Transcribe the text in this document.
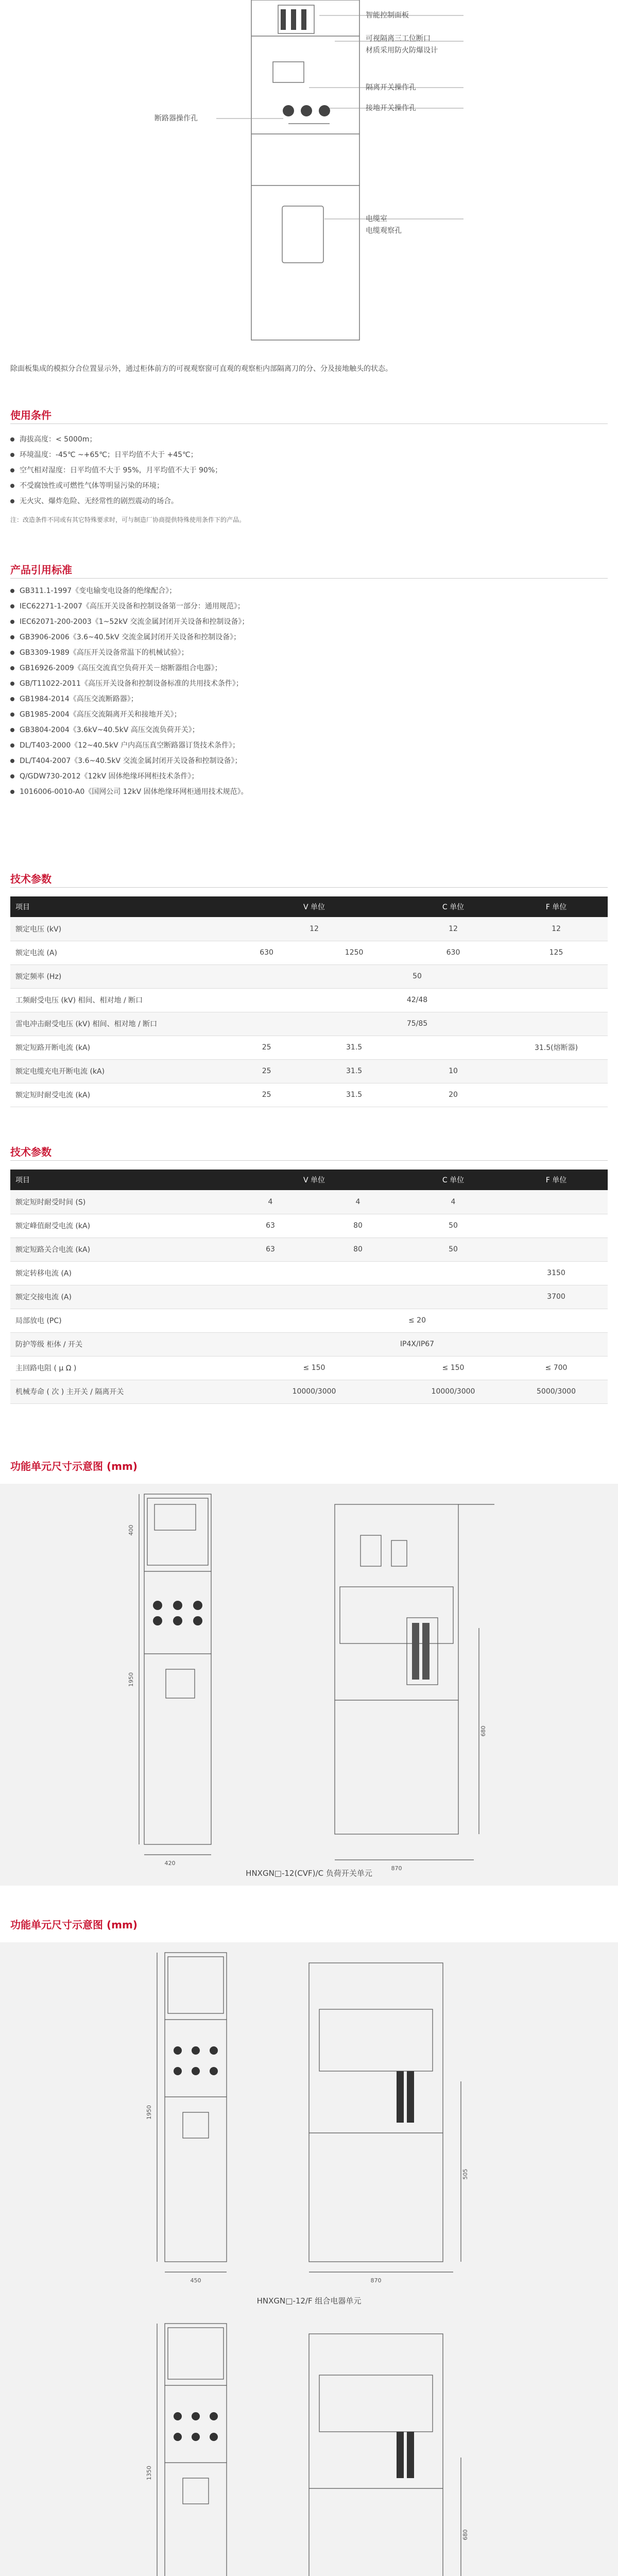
智能控制面板
可视隔离三工位断口
材质采用防火防爆设计
隔离开关操作孔
接地开关操作孔
断路器操作孔
电缆室
电缆观察孔
除面板集成的模拟分合位置显示外，通过柜体前方的可视观察窗可直观的观察柜内部隔离刀的分、分及接地触头的状态。
使用条件
海拔高度：< 5000m；
环境温度：-45℃ ~+65℃；日平均值不大于 +45℃；
空气相对湿度：日平均值不大于 95%，月平均值不大于 90%；
不受腐蚀性或可燃性气体等明显污染的环境；
无火灾、爆炸危险、无经常性的剧烈震动的场合。
注：改造条件不同或有其它特殊要求时，可与制造厂协商提供特殊使用条件下的产品。
产品引用标准
GB311.1-1997《变电输变电设备的绝缘配合》；
IEC62271-1-2007《高压开关设备和控制设备第一部分：通用规范》；
IEC62071-200-2003《1~52kV 交流金属封闭开关设备和控制设备》；
GB3906-2006《3.6~40.5kV 交流金属封闭开关设备和控制设备》；
GB3309-1989《高压开关设备常温下的机械试验》；
GB16926-2009《高压交流真空负荷开关－熔断器组合电器》；
GB/T11022-2011《高压开关设备和控制设备标准的共用技术条件》；
GB1984-2014《高压交流断路器》；
GB1985-2004《高压交流隔离开关和接地开关》；
GB3804-2004《3.6kV~40.5kV 高压交流负荷开关》；
DL/T403-2000《12~40.5kV 户内高压真空断路器订货技术条件》；
DL/T404-2007《3.6~40.5kV 交流金属封闭开关设备和控制设备》；
Q/GDW730-2012《12kV 固体绝缘环网柜技术条件》；
1016006-0010-A0《国网公司 12kV 固体绝缘环网柜通用技术规范》。
技术参数
项目	V 单位		C 单位	F 单位
额定电压 (kV)	12		12	12
额定电流 (A)	630	1250	630	125
额定频率 (Hz)	50			
工频耐受电压 (kV) 相间、相对地 / 断口	42/48			
雷电冲击耐受电压 (kV) 相间、相对地 / 断口	75/85			
额定短路开断电流 (kA)	25	31.5		31.5(熔断器)
额定电缆充电开断电流 (kA)	25	31.5	10	
额定短时耐受电流 (kA)	25	31.5	20	
技术参数
项目	V 单位		C 单位	F 单位
额定短时耐受时间 (S)	4	4	4	
额定峰值耐受电流 (kA)	63	80	50	
额定短路关合电流 (kA)	63	80	50	
额定转移电流 (A)				3150
额定交接电流 (A)				3700
局部放电 (PC)	≤ 20			
防护等级 柜体 / 开关	IP4X/IP67			
主回路电阻 ( μ Ω )	≤ 150		≤ 150	≤ 700
机械寿命 ( 次 ) 主开关 / 隔离开关	10000/3000		10000/3000	5000/3000
功能单元尺寸示意图 (mm)
420
1950
400
870
680
HNXGN□-12(CVF)/C 负荷开关单元
功能单元尺寸示意图 (mm)
450
1950
870
505
1350
680
HNXGN□-12/F 组合电器单元
